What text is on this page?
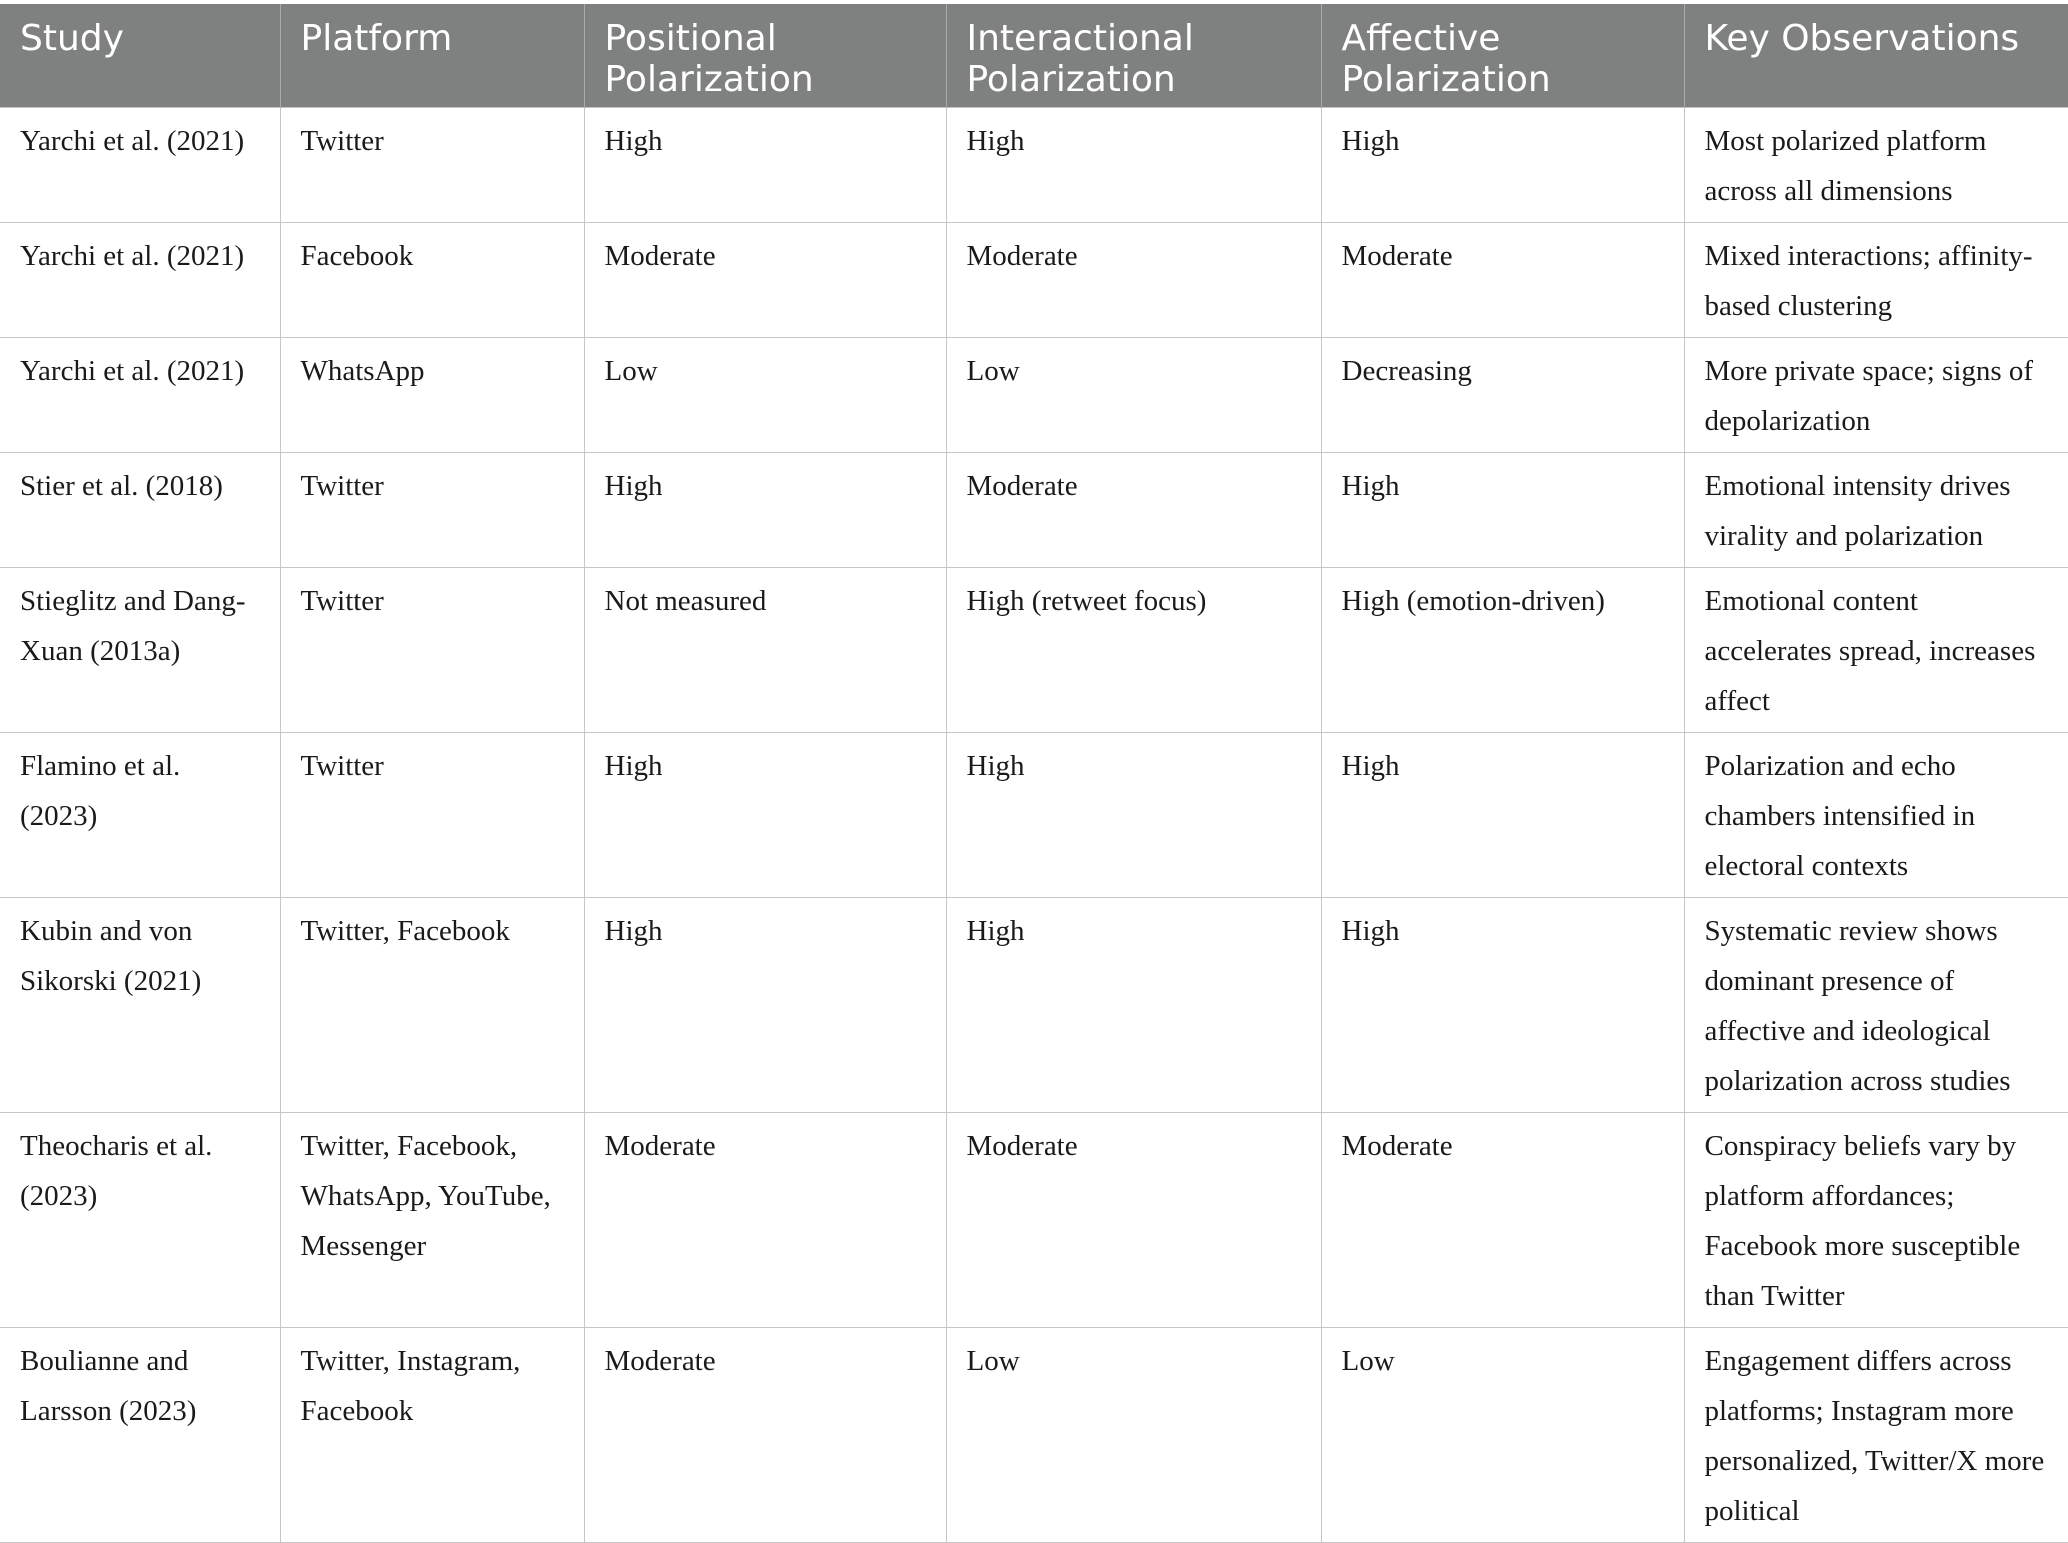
Study	Platform	Positional Polarization	Interactional Polarization	Affective Polarization	Key Observations
Yarchi et al. (2021)	Twitter	High	High	High	Most polarized platform across all dimensions
Yarchi et al. (2021)	Facebook	Moderate	Moderate	Moderate	Mixed interactions; affinity-based clustering
Yarchi et al. (2021)	WhatsApp	Low	Low	Decreasing	More private space; signs of depolarization
Stier et al. (2018)	Twitter	High	Moderate	High	Emotional intensity drives virality and polarization
Stieglitz and Dang-Xuan (2013a)	Twitter	Not measured	High (retweet focus)	High (emotion-driven)	Emotional content accelerates spread, increases affect
Flamino et al. (2023)	Twitter	High	High	High	Polarization and echo chambers intensified in electoral contexts
Kubin and von Sikorski (2021)	Twitter, Facebook	High	High	High	Systematic review shows dominant presence of affective and ideological polarization across studies
Theocharis et al. (2023)	Twitter, Facebook, WhatsApp, YouTube, Messenger	Moderate	Moderate	Moderate	Conspiracy beliefs vary by platform affordances; Facebook more susceptible than Twitter
Boulianne and Larsson (2023)	Twitter, Instagram, Facebook	Moderate	Low	Low	Engagement differs across platforms; Instagram more personalized, Twitter/X more political
